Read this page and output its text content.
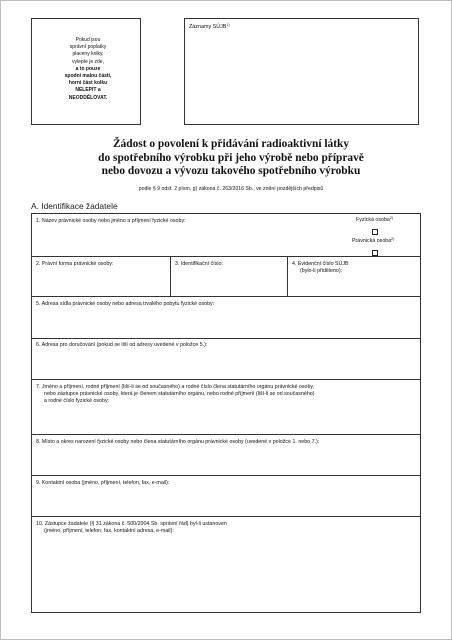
Pokud jsou
správní poplatky
placeny kolky,
vylepte je zde,
a to pouze
spodní malou částí,
horní část kolku
NELEPIT a
NEODDĚLOVAT.
Záznamy SÚJB$^{1)}$
Žádost o povolení k přidávání radioaktivní látky
do spotřebního výrobku při jeho výrobě nebo přípravě
nebo dovozu a vývozu takového spotřebního výrobku
podle § 9 odst. 2 písm. g) zákona č. 263/2016 Sb., ve znění pozdějších předpisů
A. Identifikace žadatele
1. Název právnické osoby nebo jméno a příjmení fyzické osoby:	Fyzická osoba$^{2)}$
Právnická osoba$^{2)}$
2. Právní forma právnické osoby:	3. Identifikační číslo:	4. Evidenční číslo SÚJB
(bylo-li přiděleno):
5. Adresa sídla právnické osoby nebo adresa trvalého pobytu fyzické osoby:
6. Adresa pro doručování (pokud se liší od adresy uvedené v položce 5.):
7. Jméno a příjmení, rodné příjmení (liší-li se od současného) a rodné číslo člena statutárního orgánu právnické osoby,
nebo zástupce právnické osoby, která je členem statutárního orgánu, nebo rodné příjmení (liší-li se od současného)
a rodné číslo fyzické osoby:
8. Místo a okres narození fyzické osoby nebo člena statutárního orgánu právnické osoby (uvedené v položce 1. nebo 7.):
9. Kontaktní osoba (jméno, příjmení, telefon, fax, e-mail):
10. Zástupce žadatele (§ 31 zákona č. 500/2004 Sb. správní řád) byl-li ustanoven
(jméno, příjmení, telefon, fax, kontaktní adresa, e-mail):
